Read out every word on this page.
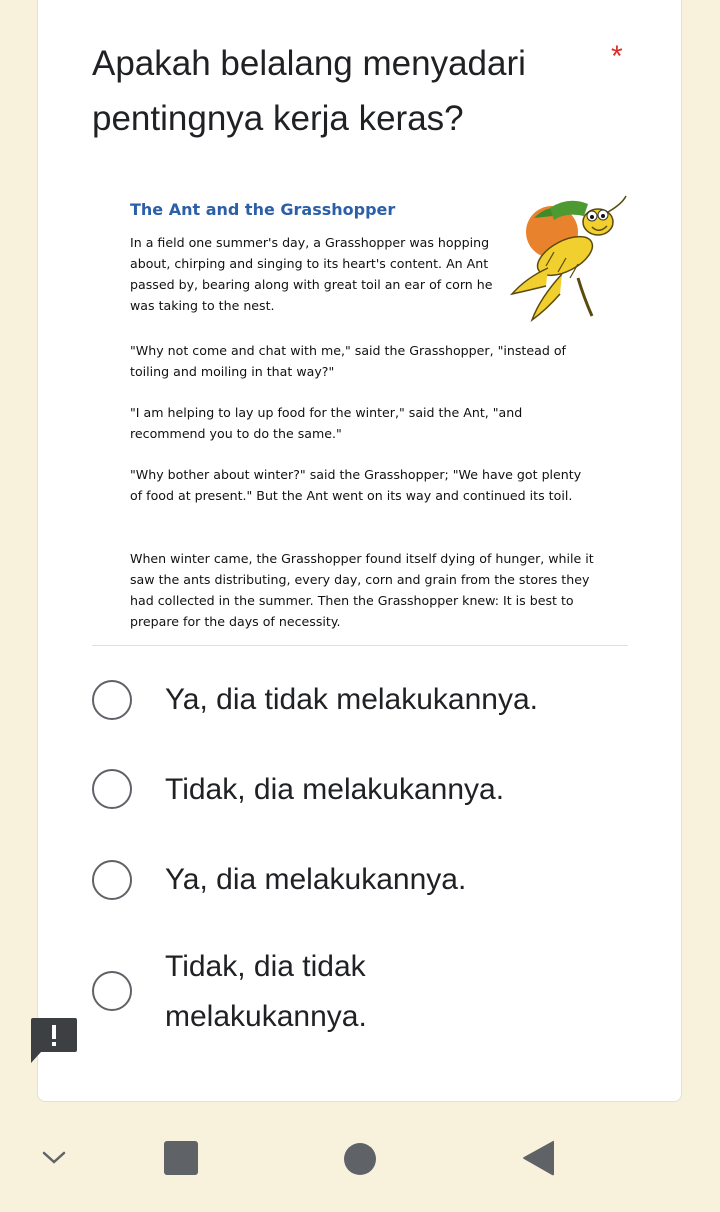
Apakah belalang menyadari pentingnya kerja keras?
*
The Ant and the Grasshopper
In a field one summer's day, a Grasshopper was hopping about, chirping and singing to its heart's content. An Ant passed by, bearing along with great toil an ear of corn he was taking to the nest.
"Why not come and chat with me," said the Grasshopper, "instead of toiling and moiling in that way?"
"I am helping to lay up food for the winter," said the Ant, "and recommend you to do the same."
"Why bother about winter?" said the Grasshopper; "We have got plenty of food at present." But the Ant went on its way and continued its toil.
When winter came, the Grasshopper found itself dying of hunger, while it saw the ants distributing, every day, corn and grain from the stores they had collected in the summer. Then the Grasshopper knew: It is best to prepare for the days of necessity.
Ya, dia tidak melakukannya.
Tidak, dia melakukannya.
Ya, dia melakukannya.
Tidak, dia tidak melakukannya.
